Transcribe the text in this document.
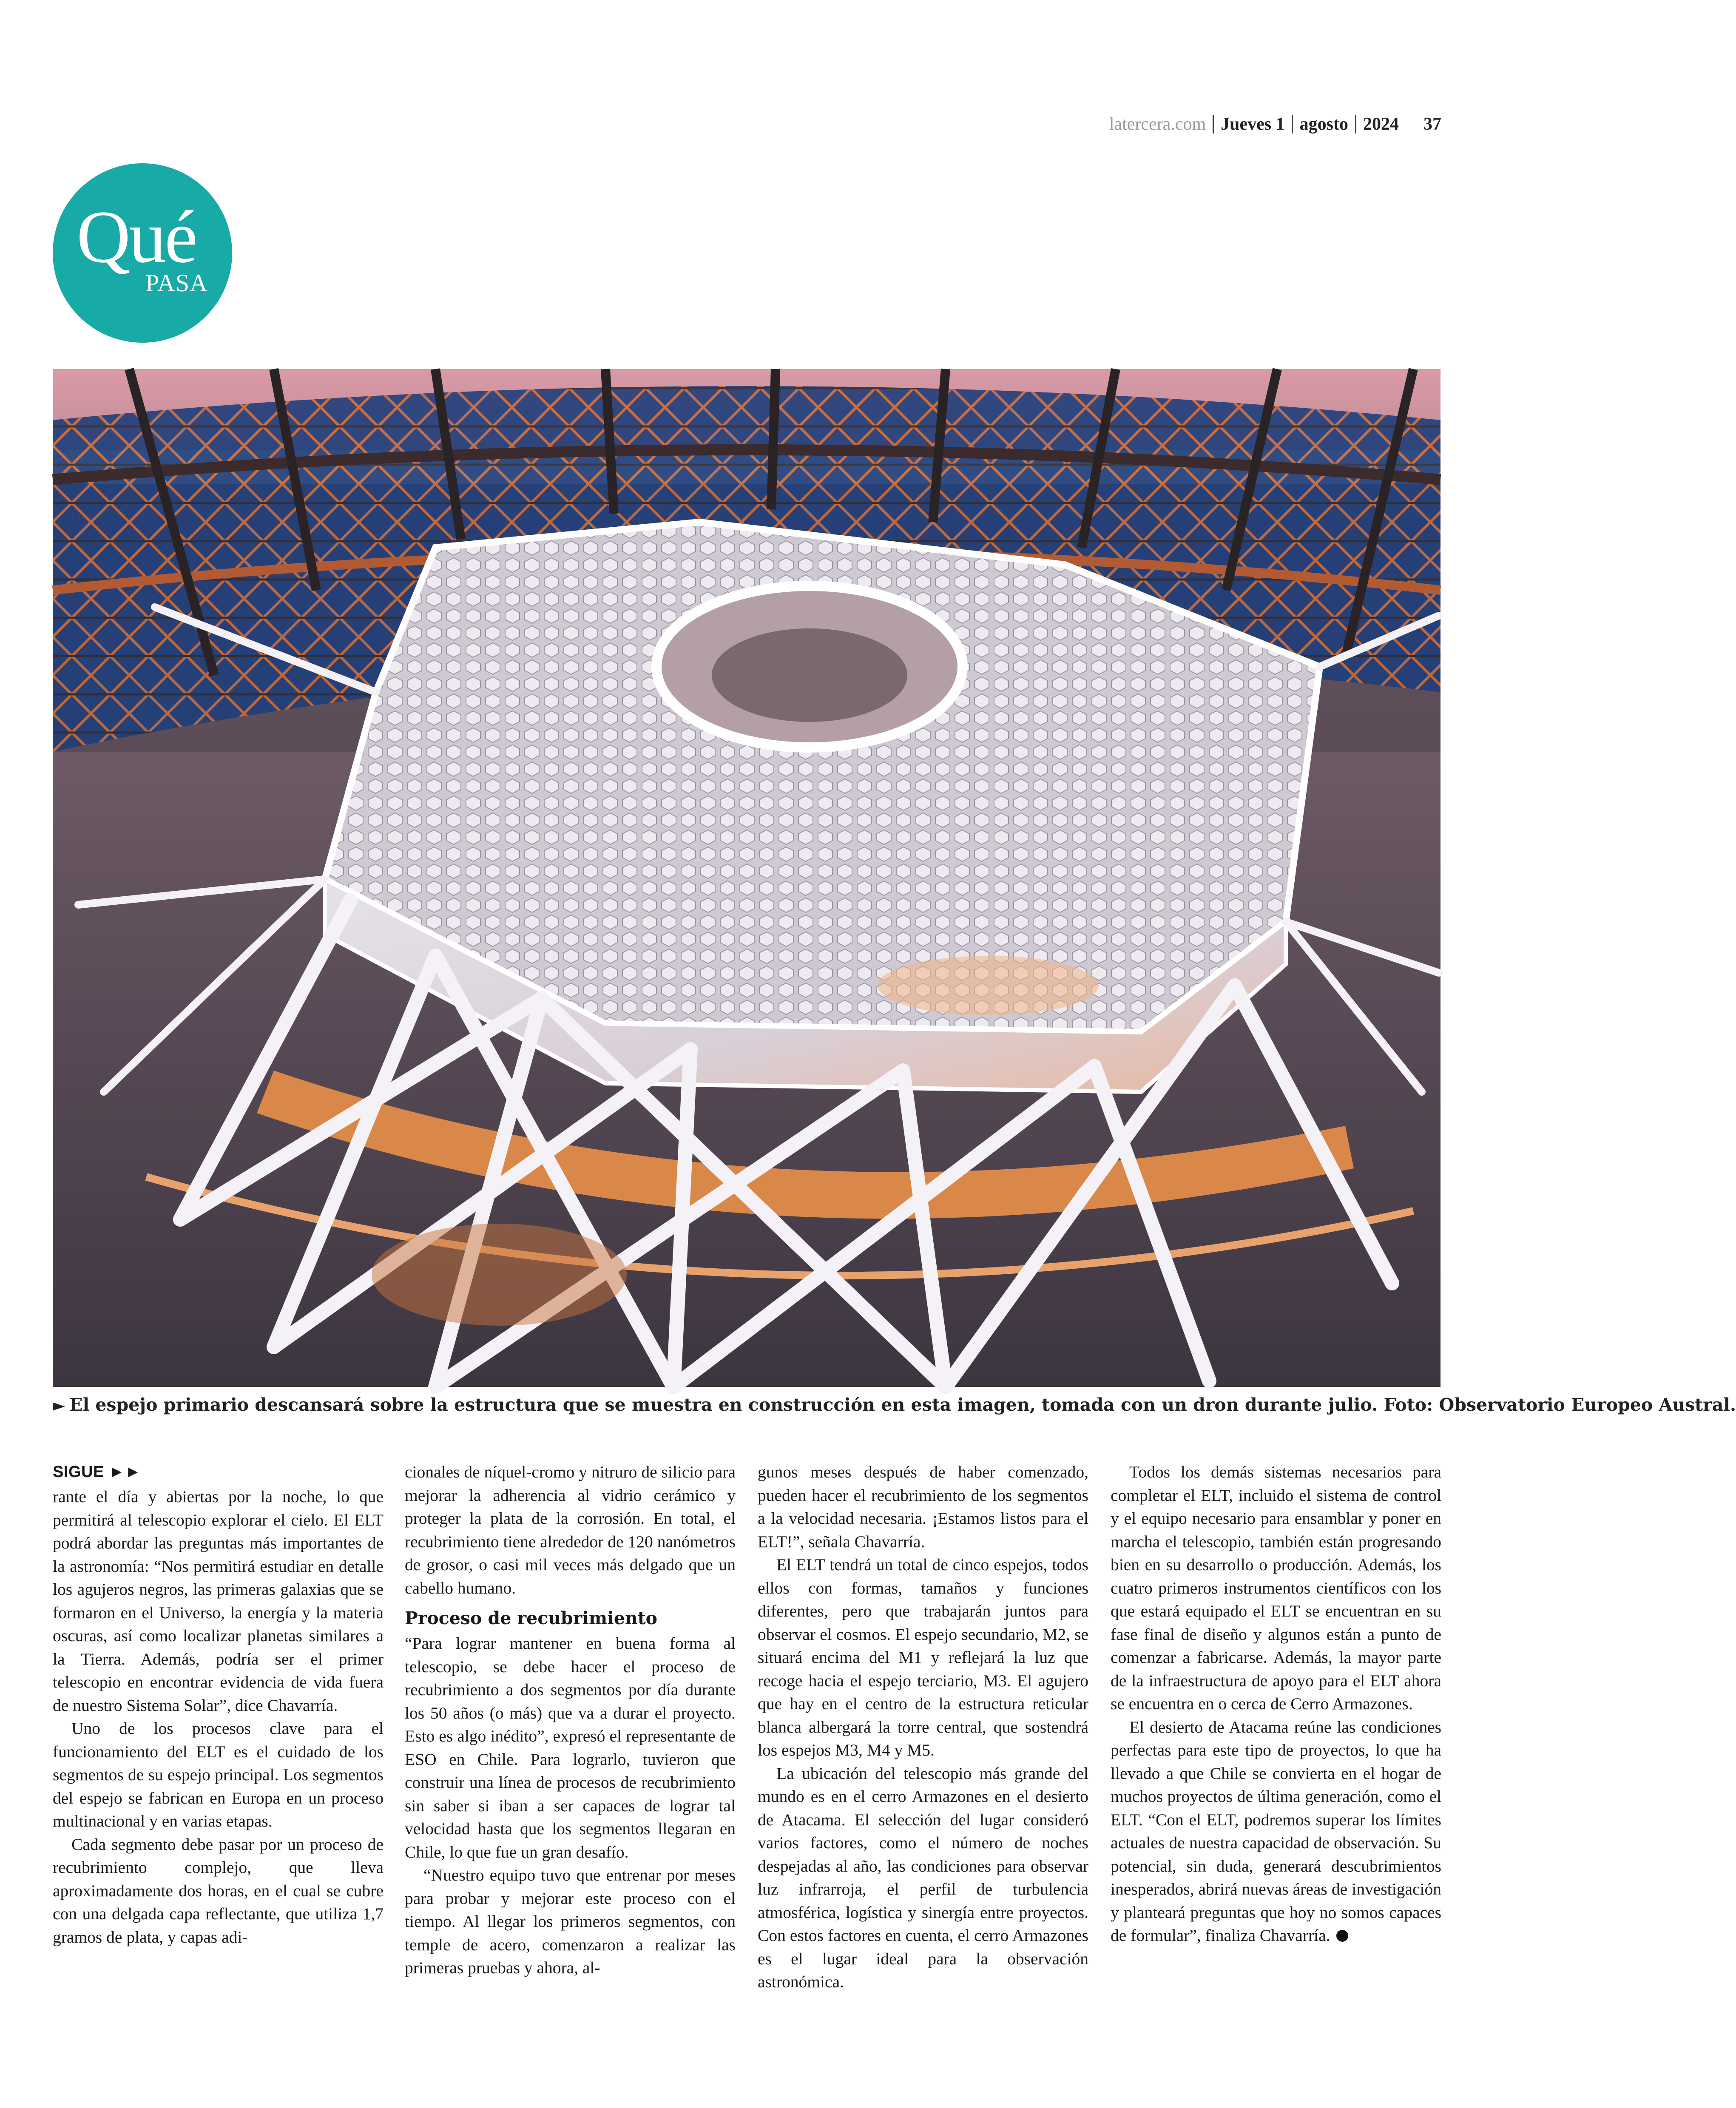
latercera.com Jueves 1 agosto 2024 37
Qué
PASA
► El espejo primario descansará sobre la estructura que se muestra en construcción en esta imagen, tomada con un dron durante julio. Foto: Observatorio Europeo Austral.
SIGUE ►►

rante el día y abiertas por la noche, lo que permitirá al telescopio explorar el cielo. El ELT podrá abordar las preguntas más importantes de la astronomía: “Nos permitirá estudiar en detalle los agujeros negros, las primeras galaxias que se formaron en el Universo, la energía y la materia oscuras, así como localizar planetas similares a la Tierra. Además, podría ser el primer telescopio en encontrar evidencia de vida fuera de nuestro Sistema Solar”, dice Chavarría.

Uno de los procesos clave para el funcionamiento del ELT es el cuidado de los segmentos de su espejo principal. Los segmentos del espejo se fabrican en Europa en un proceso multinacional y en varias etapas.

Cada segmento debe pasar por un proceso de recubrimiento complejo, que lleva aproximadamente dos horas, en el cual se cubre con una delgada capa reflectante, que utiliza 1,7 gramos de plata, y capas adi-

cionales de níquel-cromo y nitruro de silicio para mejorar la adherencia al vidrio cerámico y proteger la plata de la corrosión. En total, el recubrimiento tiene alrededor de 120 nanómetros de grosor, o casi mil veces más delgado que un cabello humano.

Proceso de recubrimiento

“Para lograr mantener en buena forma al telescopio, se debe hacer el proceso de recubrimiento a dos segmentos por día durante los 50 años (o más) que va a durar el proyecto. Esto es algo inédito”, expresó el representante de ESO en Chile. Para lograrlo, tuvieron que construir una línea de procesos de recubrimiento sin saber si iban a ser capaces de lograr tal velocidad hasta que los segmentos llegaran en Chile, lo que fue un gran desafío.

“Nuestro equipo tuvo que entrenar por meses para probar y mejorar este proceso con el tiempo. Al llegar los primeros segmentos, con temple de acero, comenzaron a realizar las primeras pruebas y ahora, al-

gunos meses después de haber comenzado, pueden hacer el recubrimiento de los segmentos a la velocidad necesaria. ¡Estamos listos para el ELT!”, señala Chavarría.

El ELT tendrá un total de cinco espejos, todos ellos con formas, tamaños y funciones diferentes, pero que trabajarán juntos para observar el cosmos. El espejo secundario, M2, se situará encima del M1 y reflejará la luz que recoge hacia el espejo terciario, M3. El agujero que hay en el centro de la estructura reticular blanca albergará la torre central, que sostendrá los espejos M3, M4 y M5.

La ubicación del telescopio más grande del mundo es en el cerro Armazones en el desierto de Atacama. El selección del lugar consideró varios factores, como el número de noches despejadas al año, las condiciones para observar luz infrarroja, el perfil de turbulencia atmosférica, logística y sinergía entre proyectos. Con estos factores en cuenta, el cerro Armazones es el lugar ideal para la observación astronómica.

Todos los demás sistemas necesarios para completar el ELT, incluido el sistema de control y el equipo necesario para ensamblar y poner en marcha el telescopio, también están progresando bien en su desarrollo o producción. Además, los cuatro primeros instrumentos científicos con los que estará equipado el ELT se encuentran en su fase final de diseño y algunos están a punto de comenzar a fabricarse. Además, la mayor parte de la infraestructura de apoyo para el ELT ahora se encuentra en o cerca de Cerro Armazones.

El desierto de Atacama reúne las condiciones perfectas para este tipo de proyectos, lo que ha llevado a que Chile se convierta en el hogar de muchos proyectos de última generación, como el ELT. “Con el ELT, podremos superar los límites actuales de nuestra capacidad de observación. Su potencial, sin duda, generará descubrimientos inesperados, abrirá nuevas áreas de investigación y planteará preguntas que hoy no somos capaces de formular”, finaliza Chavarría.
